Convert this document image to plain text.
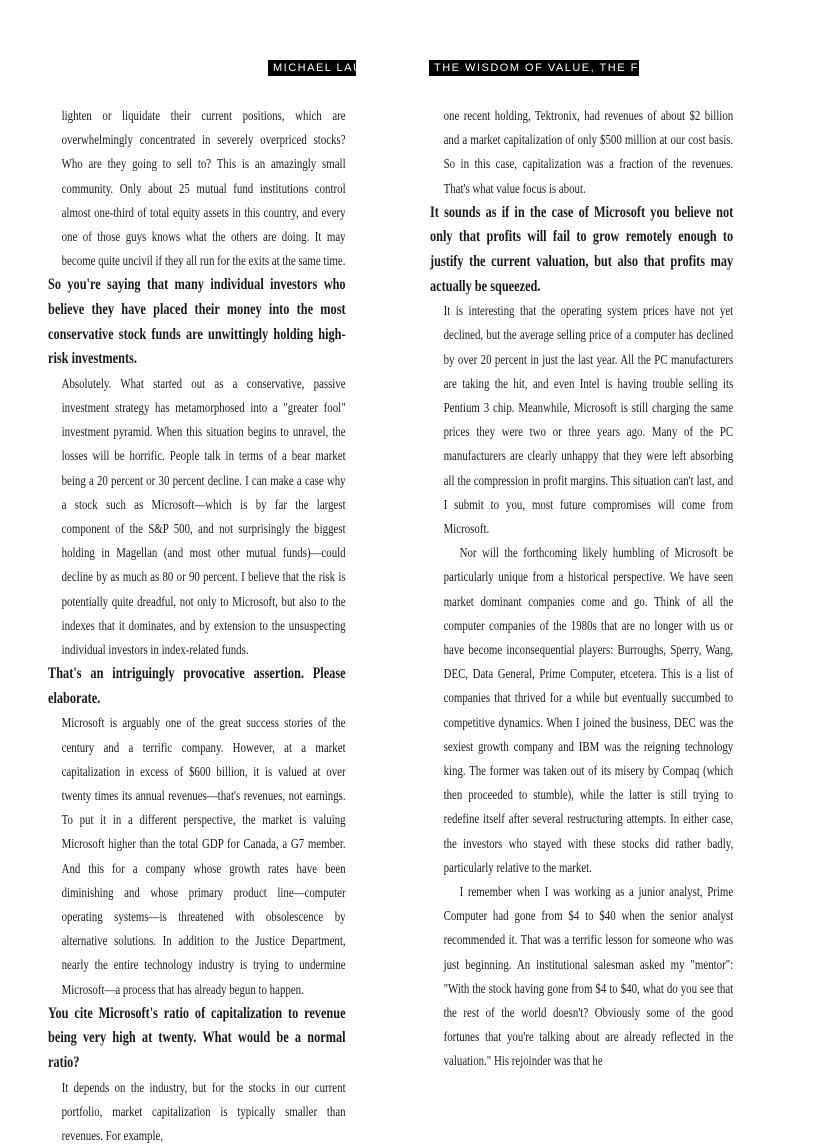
MICHAEL LAUER	THE WISDOM OF VALUE, THE FOLLY OF FAD

lighten or liquidate their current positions, which are overwhelmingly concentrated in severely overpriced stocks? Who are they going to sell to? This is an amazingly small community. Only about 25 mutual fund institutions control almost one-third of total equity assets in this country, and every one of those guys knows what the others are doing. It may become quite uncivil if they all run for the exits at the same time.

So you're saying that many individual investors who believe they have placed their money into the most conservative stock funds are unwittingly holding high-risk investments.

Absolutely. What started out as a conservative, passive investment strategy has metamorphosed into a "greater fool" investment pyramid. When this situation begins to unravel, the losses will be horrific. People talk in terms of a bear market being a 20 percent or 30 percent decline. I can make a case why a stock such as Microsoft—which is by far the largest component of the S&P 500, and not surprisingly the biggest holding in Magellan (and most other mutual funds)—could decline by as much as 80 or 90 percent. I believe that the risk is potentially quite dreadful, not only to Microsoft, but also to the indexes that it dominates, and by extension to the unsuspecting individual investors in index-related funds.

That's an intriguingly provocative assertion. Please elaborate.

Microsoft is arguably one of the great success stories of the century and a terrific company. However, at a market capitalization in excess of $600 billion, it is valued at over twenty times its annual revenues—that's revenues, not earnings. To put it in a different perspective, the market is valuing Microsoft higher than the total GDP for Canada, a G7 member. And this for a company whose growth rates have been diminishing and whose primary product line—computer operating systems—is threatened with obsolescence by alternative solutions. In addition to the Justice Department, nearly the entire technology industry is trying to undermine Microsoft—a process that has already begun to happen.

You cite Microsoft's ratio of capitalization to revenue being very high at twenty. What would be a normal ratio?

It depends on the industry, but for the stocks in our current portfolio, market capitalization is typically smaller than revenues. For example,

one recent holding, Tektronix, had revenues of about $2 billion and a market capitalization of only $500 million at our cost basis. So in this case, capitalization was a fraction of the revenues. That's what value focus is about.

It sounds as if in the case of Microsoft you believe not only that profits will fail to grow remotely enough to justify the current valuation, but also that profits may actually be squeezed.

It is interesting that the operating system prices have not yet declined, but the average selling price of a computer has declined by over 20 percent in just the last year. All the PC manufacturers are taking the hit, and even Intel is having trouble selling its Pentium 3 chip. Meanwhile, Microsoft is still charging the same prices they were two or three years ago. Many of the PC manufacturers are clearly unhappy that they were left absorbing all the compression in profit margins. This situation can't last, and I submit to you, most future compromises will come from Microsoft.

Nor will the forthcoming likely humbling of Microsoft be particularly unique from a historical perspective. We have seen market dominant companies come and go. Think of all the computer companies of the 1980s that are no longer with us or have become inconsequential players: Burroughs, Sperry, Wang, DEC, Data General, Prime Computer, etcetera. This is a list of companies that thrived for a while but eventually succumbed to competitive dynamics. When I joined the business, DEC was the sexiest growth company and IBM was the reigning technology king. The former was taken out of its misery by Compaq (which then proceeded to stumble), while the latter is still trying to redefine itself after several restructuring attempts. In either case, the investors who stayed with these stocks did rather badly, particularly relative to the market.

I remember when I was working as a junior analyst, Prime Computer had gone from $4 to $40 when the senior analyst recommended it. That was a terrific lesson for someone who was just beginning. An institutional salesman asked my "mentor": "With the stock having gone from $4 to $40, what do you see that the rest of the world doesn't? Obviously some of the good fortunes that you're talking about are already reflected in the valuation." His rejoinder was that he
